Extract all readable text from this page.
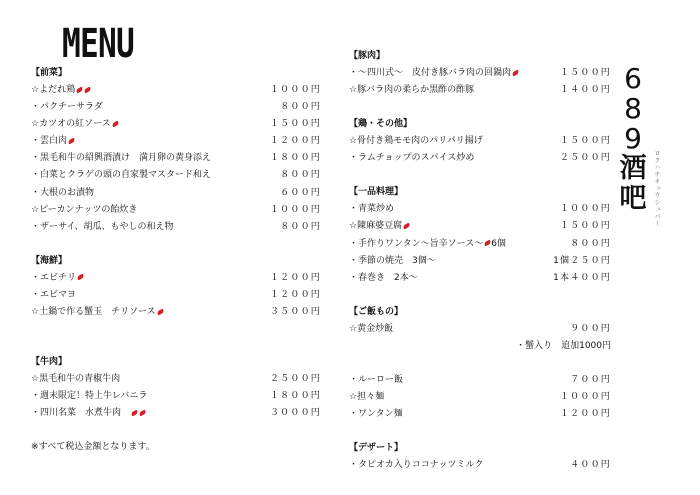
MENU
【前菜】
☆よだれ鶏	１０００円
・パクチーサラダ	８００円
☆カツオの紅ソース	１５００円
・雲白肉	１２００円
・黒毛和牛の紹興酒漬け　満月卵の黄身添え	１８００円
・白菜とクラゲの頭の自家製マスタード和え	８００円
・大根のお漬物	６００円
☆ピーカンナッツの飴炊き	１０００円
・ザーサイ、胡瓜、もやしの和え物	８００円
【海鮮】
・エビチリ	１２００円
・エビマヨ	１２００円
☆土鍋で作る蟹玉　チリソース	３５００円
【牛肉】
☆黒毛和牛の青椒牛肉	２５００円
・週末限定！特上牛レバニラ	１８００円
・四川名菜　水煮牛肉　	３０００円
※すべて税込金額となります。
【豚肉】
・～四川式～　皮付き豚バラ肉の回鍋肉	１５００円
☆豚バラ肉の柔らか黒酢の酢豚	１４００円
【鶏・その他】
☆骨付き鶏モモ肉のパリパリ揚げ	１５００円
・ラムチョップのスパイス炒め	２５００円
【一品料理】
・青菜炒め	１０００円
☆陳麻婆豆腐	１５００円
・手作りワンタン～旨辛ソース～ 6個	８００円
・季節の焼売　3個～	1個２５０円
・春巻き　2本～	1本４００円
【ご飯もの】
☆黄金炒飯	９００円
・蟹入り　追加1000円
・ルーロー飯	７００円
☆担々麺	１０００円
・ワンタン麺	１２００円
【デザート】
・タピオカ入りココナッツミルク	４００円
6
8
9
酒
吧 ロクハチキュウシュバー
